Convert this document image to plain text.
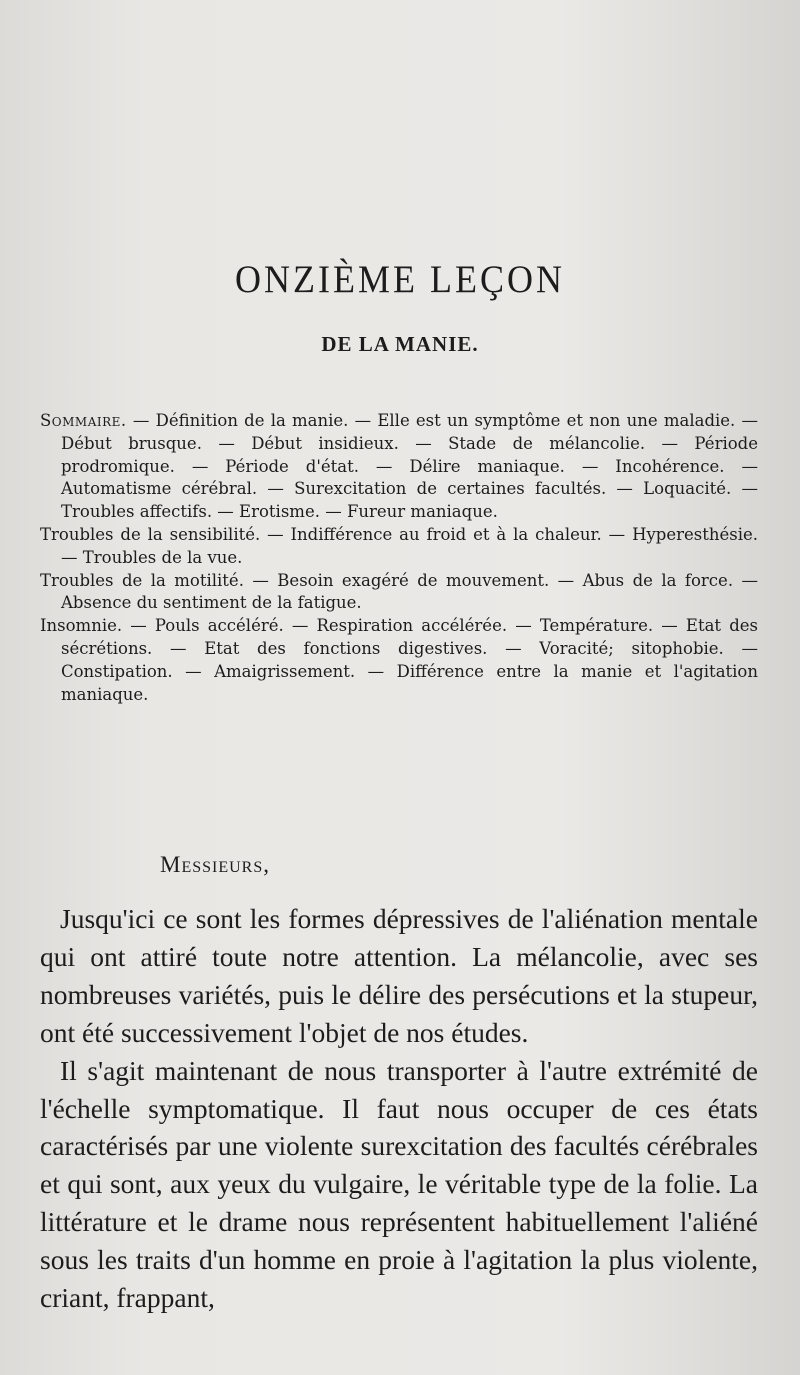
ONZIÈME LEÇON
DE LA MANIE.

Sommaire. — Définition de la manie. — Elle est un symptôme et non une maladie. — Début brusque. — Début insidieux. — Stade de mélancolie. — Période prodromique. — Période d'état. — Délire maniaque. — Incohérence. — Automatisme cérébral. — Surexcitation de certaines facultés. — Loquacité. — Troubles affectifs. — Erotisme. — Fureur maniaque.

Troubles de la sensibilité. — Indifférence au froid et à la chaleur. — Hyperesthésie. — Troubles de la vue.

Troubles de la motilité. — Besoin exagéré de mouvement. — Abus de la force. — Absence du sentiment de la fatigue.

Insomnie. — Pouls accéléré. — Respiration accélérée. — Température. — Etat des sécrétions. — Etat des fonctions digestives. — Voracité; sitophobie. — Constipation. — Amaigrissement. — Différence entre la manie et l'agitation maniaque.

Messieurs,

Jusqu'ici ce sont les formes dépressives de l'aliénation mentale qui ont attiré toute notre attention. La mélancolie, avec ses nombreuses variétés, puis le délire des persécutions et la stupeur, ont été successivement l'objet de nos études.

Il s'agit maintenant de nous transporter à l'autre extrémité de l'échelle symptomatique. Il faut nous occuper de ces états caractérisés par une violente surexcitation des facultés cérébrales et qui sont, aux yeux du vulgaire, le véritable type de la folie. La littérature et le drame nous représentent habituellement l'aliéné sous les traits d'un homme en proie à l'agitation la plus violente, criant, frappant,
